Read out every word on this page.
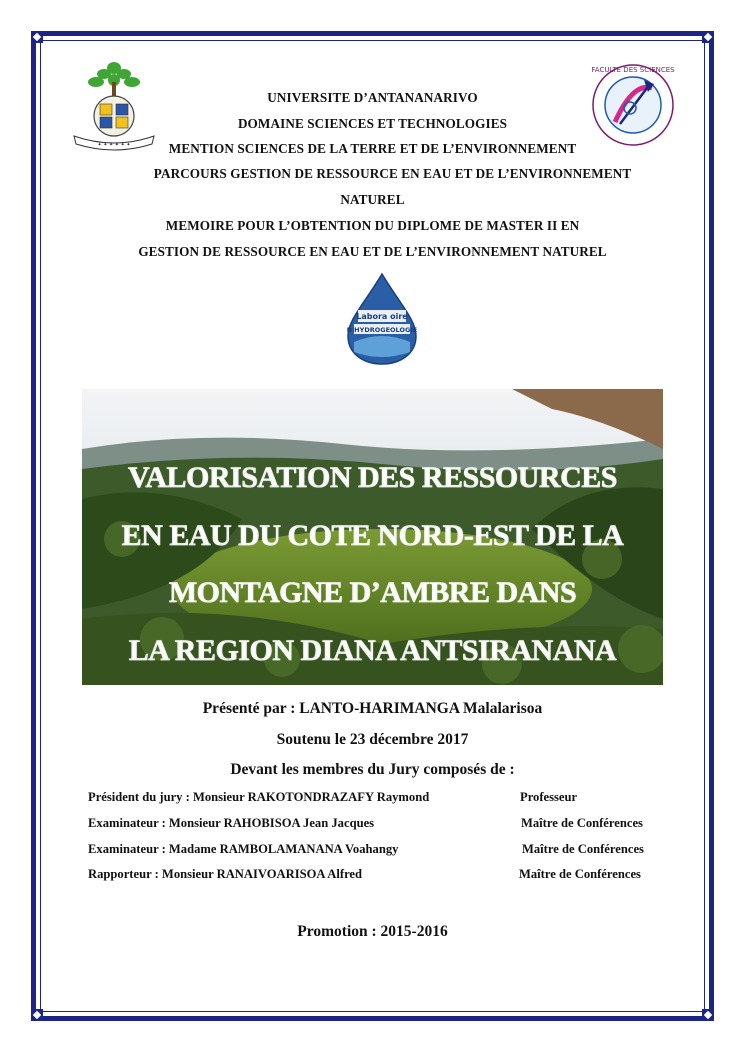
✦ ✦ ✦ ✦ ✦ ✦
FACULTE DES SCIENCES
UNIVERSITE D’ANTANANARIVO
DOMAINE SCIENCES ET TECHNOLOGIES
MENTION SCIENCES DE LA TERRE ET DE L’ENVIRONNEMENT
PARCOURS GESTION DE RESSOURCE EN EAU ET DE L’ENVIRONNEMENT
NATUREL
MEMOIRE POUR L’OBTENTION DU DIPLOME DE MASTER II EN
GESTION DE RESSOURCE EN EAU ET DE L’ENVIRONNEMENT NATUREL
Labora oire
D'HYDROGEOLOGIE
VALORISATION DES RESSOURCES
EN EAU DU COTE NORD-EST DE LA
MONTAGNE D’AMBRE DANS
LA REGION DIANA ANTSIRANANA
Présenté par : LANTO-HARIMANGA Malalarisoa
Soutenu le 23 décembre 2017
Devant les membres du Jury composés de :
Président du jury : Monsieur RAKOTONDRAZAFY Raymond	Professeur
Examinateur : Monsieur RAHOBISOA Jean Jacques	Maître de Conférences
Examinateur : Madame RAMBOLAMANANA Voahangy	Maître de Conférences
Rapporteur : Monsieur RANAIVOARISOA Alfred	Maître de Conférences
Promotion : 2015-2016
